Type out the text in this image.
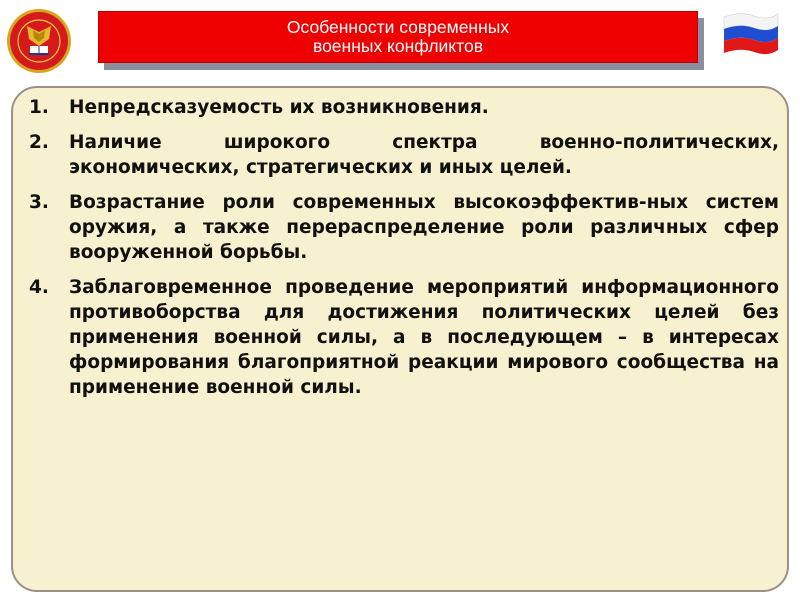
Особенности современных
военных конфликтов
1. Непредсказуемость их возникновения.
2. Наличие широкого спектра военно-политических, экономических, стратегических и иных целей.
3. Возрастание роли современных высокоэффектив-ных систем оружия, а также перераспределение роли различных сфер вооруженной борьбы.
4. Заблаговременное проведение мероприятий информационного противоборства для достижения политических целей без применения военной силы, а в последующем – в интересах формирования благоприятной реакции мирового сообщества на применение военной силы.
